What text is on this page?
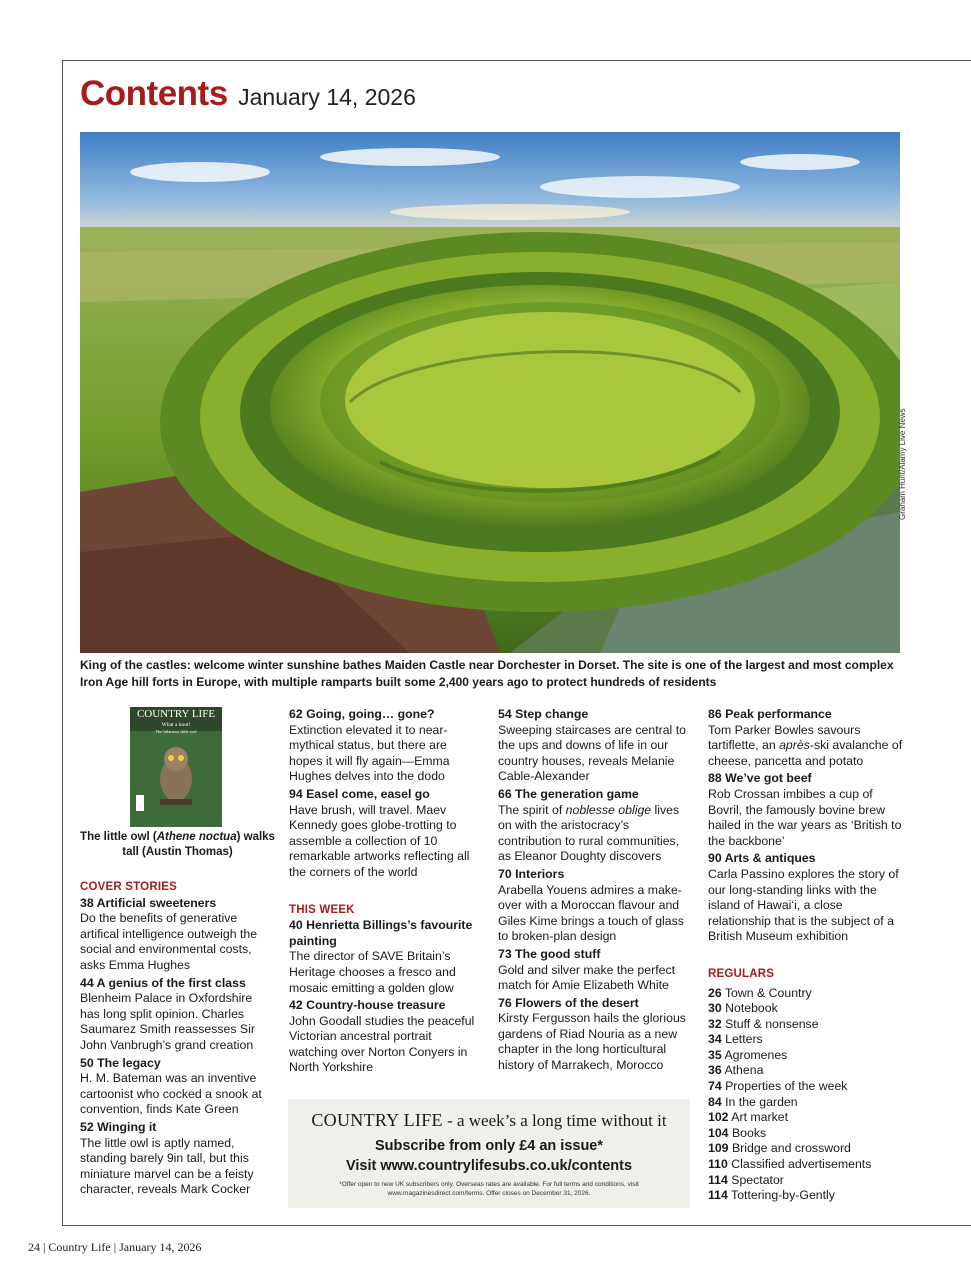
Contents January 14, 2026
Graham Hunt/Alamy Live News
King of the castles: welcome winter sunshine bathes Maiden Castle near Dorchester in Dorset. The site is one of the largest and most complex Iron Age hill forts in Europe, with multiple ramparts built some 2,400 years ago to protect hundreds of residents
COUNTRY LIFE
What a hoot!
The hilarious little owl
The little owl (Athene noctua) walks tall (Austin Thomas)
COVER STORIES

38 Artificial sweeteners

Do the benefits of generative artifical intelligence outweigh the social and environmental costs, asks Emma Hughes

44 A genius of the first class

Blenheim Palace in Oxfordshire has long split opinion. Charles Saumarez Smith reassesses Sir John Vanbrugh’s grand creation

50 The legacy

H. M. Bateman was an inventive cartoonist who cocked a snook at convention, finds Kate Green

52 Winging it

The little owl is aptly named, standing barely 9in tall, but this miniature marvel can be a feisty character, reveals Mark Cocker

62 Going, going… gone?

Extinction elevated it to near-mythical status, but there are hopes it will fly again—Emma Hughes delves into the dodo

94 Easel come, easel go

Have brush, will travel. Maev Kennedy goes globe-trotting to assemble a collection of 10 remarkable artworks reflecting all the corners of the world

THIS WEEK

40 Henrietta Billings’s favourite painting

The director of SAVE Britain’s Heritage chooses a fresco and mosaic emitting a golden glow

42 Country-house treasure

John Goodall studies the peaceful Victorian ancestral portrait watching over Norton Conyers in North Yorkshire

54 Step change

Sweeping staircases are central to the ups and downs of life in our country houses, reveals Melanie Cable-Alexander

66 The generation game

The spirit of noblesse oblige lives on with the aristocracy’s contribution to rural communities, as Eleanor Doughty discovers

70 Interiors

Arabella Youens admires a make-over with a Moroccan flavour and Giles Kime brings a touch of glass to broken-plan design

73 The good stuff

Gold and silver make the perfect match for Amie Elizabeth White

76 Flowers of the desert

Kirsty Fergusson hails the glorious gardens of Riad Nouria as a new chapter in the long horticultural history of Marrakech, Morocco

86 Peak performance

Tom Parker Bowles savours tartiflette, an après-ski avalanche of cheese, pancetta and potato

88 We’ve got beef

Rob Crossan imbibes a cup of Bovril, the famously bovine brew hailed in the war years as ‘British to the backbone’

90 Arts & antiques

Carla Passino explores the story of our long-standing links with the island of Hawai‘i, a close relationship that is the subject of a British Museum exhibition

REGULARS
26 Town & Country
30 Notebook
32 Stuff & nonsense
34 Letters
35 Agromenes
36 Athena
74 Properties of the week
84 In the garden
102 Art market
104 Books
109 Bridge and crossword
110 Classified advertisements
114 Spectator
114 Tottering-by-Gently
COUNTRY LIFE - a week’s a long time without it
Subscribe from only £4 an issue*
Visit www.countrylifesubs.co.uk/contents
*Offer open to new UK subscribers only. Overseas rates are available. For full terms and conditions, visit www.magazinesdirect.com/terms. Offer closes on December 31, 2026.
24 | Country Life | January 14, 2026
